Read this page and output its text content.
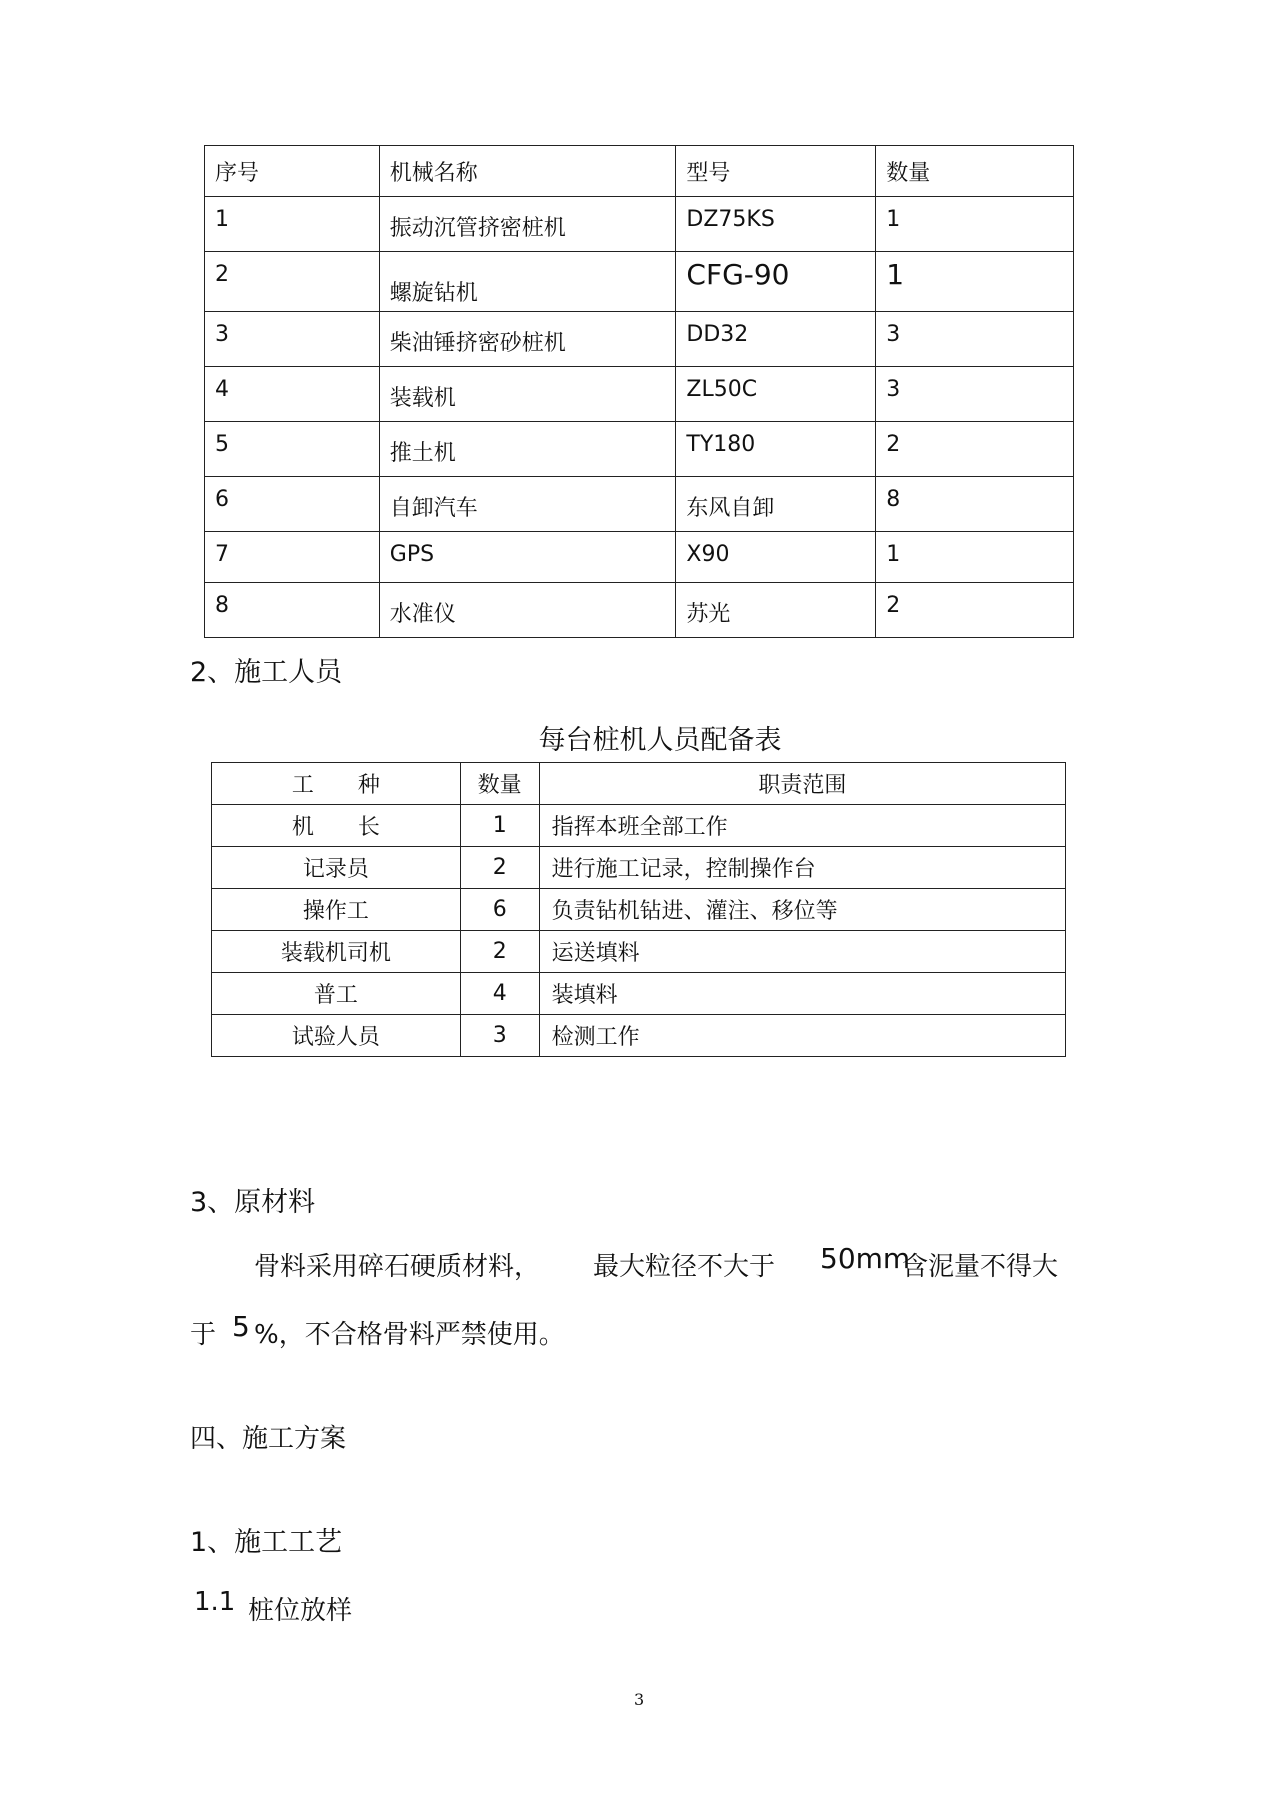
序号	机械名称	型号	数量
1	振动沉管挤密桩机	DZ75KS	1
2	螺旋钻机	CFG-90	1
3	柴油锤挤密砂桩机	DD32	3
4	装载机	ZL50C	3
5	推土机	TY180	2
6	自卸汽车	东风自卸	8
7	GPS	X90	1
8	水准仪	苏光	2
2、施工人员
每台桩机人员配备表
工　　种	数量	职责范围
机　　长	1	指挥本班全部工作
记录员	2	进行施工记录，控制操作台
操作工	6	负责钻机钻进、灌注、移位等
装载机司机	2	运送填料
普工	4	装填料
试验人员	3	检测工作
3、原材料
骨料采用碎石硬质材料， 最大粒径不大于 50mm
含泥量不得大
于 5 %，不合格骨料严禁使用。
四、施工方案
1、施工工艺
1.1 桩位放样
3
